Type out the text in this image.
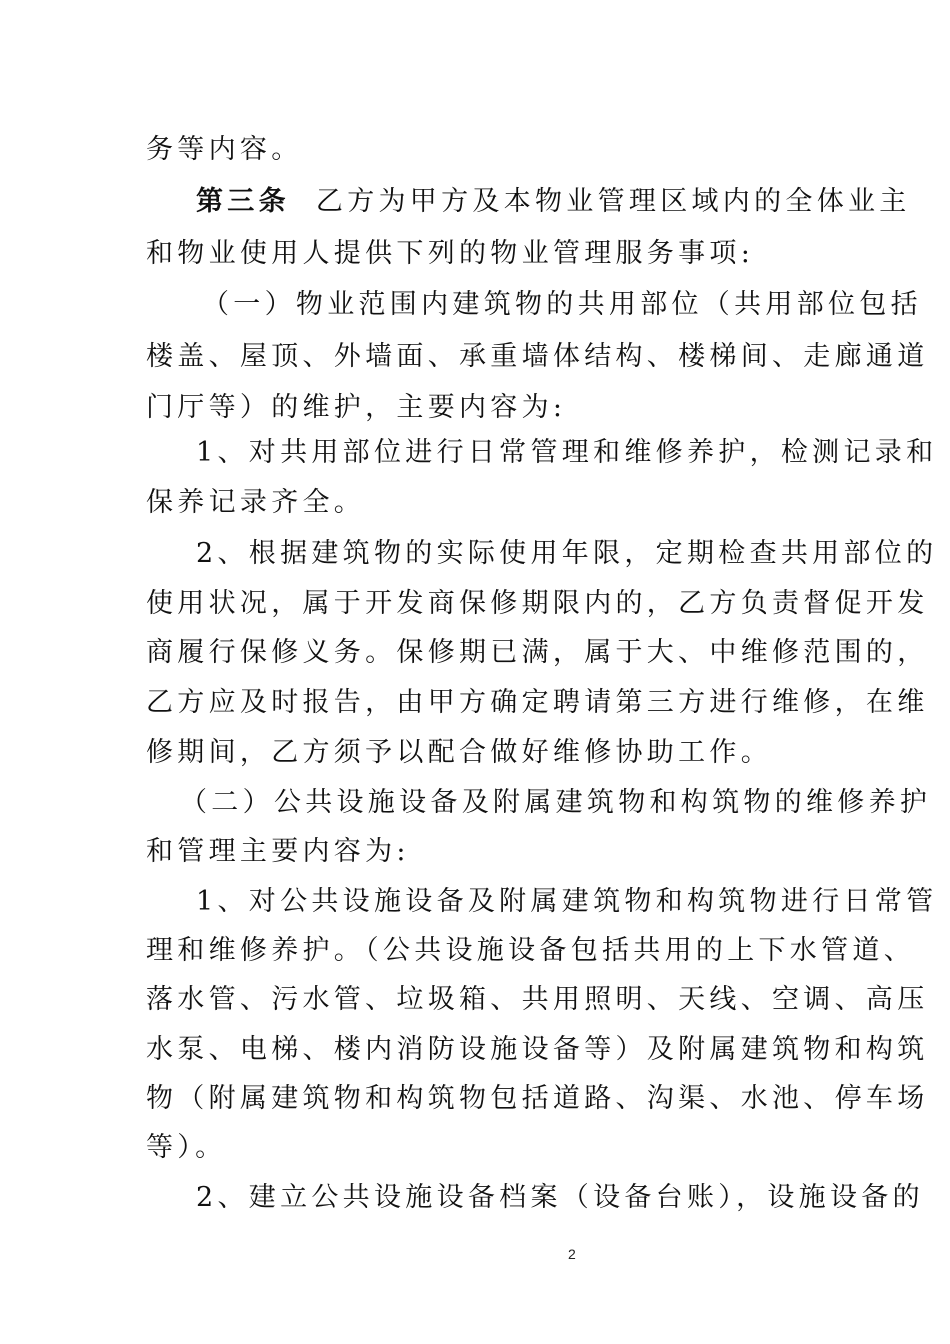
务等内容。
第三条 乙方为甲方及本物业管理区域内的全体业主
和物业使用人提供下列的物业管理服务事项:
（一）物业范围内建筑物的共用部位（共用部位包括
楼盖、屋顶、外墙面、承重墙体结构、楼梯间、走廊通道
门厅等）的维护，主要内容为:
1、对共用部位进行日常管理和维修养护，检测记录和
保养记录齐全。
2、根据建筑物的实际使用年限，定期检查共用部位的
使用状况，属于开发商保修期限内的，乙方负责督促开发
商履行保修义务。保修期已满，属于大、中维修范围的，
乙方应及时报告，由甲方确定聘请第三方进行维修，在维
修期间，乙方须予以配合做好维修协助工作。
（二）公共设施设备及附属建筑物和构筑物的维修养护
和管理主要内容为:
1、对公共设施设备及附属建筑物和构筑物进行日常管
理和维修养护。（公共设施设备包括共用的上下水管道、
落水管、污水管、垃圾箱、共用照明、天线、空调、高压
水泵、电梯、楼内消防设施设备等）及附属建筑物和构筑
物（附属建筑物和构筑物包括道路、沟渠、水池、停车场
等）。
2、建立公共设施设备档案（设备台账），设施设备的
2
